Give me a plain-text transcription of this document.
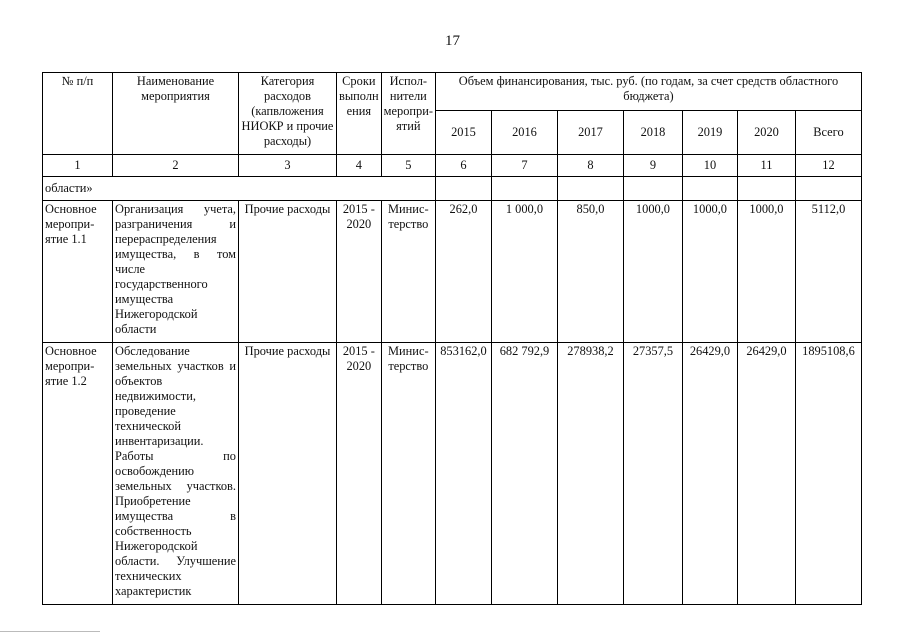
17
№ п/п	Наименование мероприятия	Категория расходов (капвложения НИОКР и прочие расходы)	Сроки выполн ения	Испол- нители меропри- ятий	Объем финансирования, тыс. руб. (по годам, за счет средств областного бюджета)						
					2015	2016	2017	2018	2019	2020	Всего
1	2	3	4	5	6	7	8	9	10	11	12
области»											
Основное меропри- ятие 1.1	Организация учета, разграничения и перераспределения имущества, в том числе государственного имущества Нижегородской области	Прочие расходы	2015 - 2020	Минис- терство	262,0	1 000,0	850,0	1000,0	1000,0	1000,0	5112,0
Основное меропри- ятие 1.2	Обследование земельных участков и объектов недвижимости, проведение технической инвентаризации. Работы по освобождению земельных участков. Приобретение имущества в собственность Нижегородской области. Улучшение технических характеристик	Прочие расходы	2015 - 2020	Минис- терство	853162,0	682 792,9	278938,2	27357,5	26429,0	26429,0	1895108,6
